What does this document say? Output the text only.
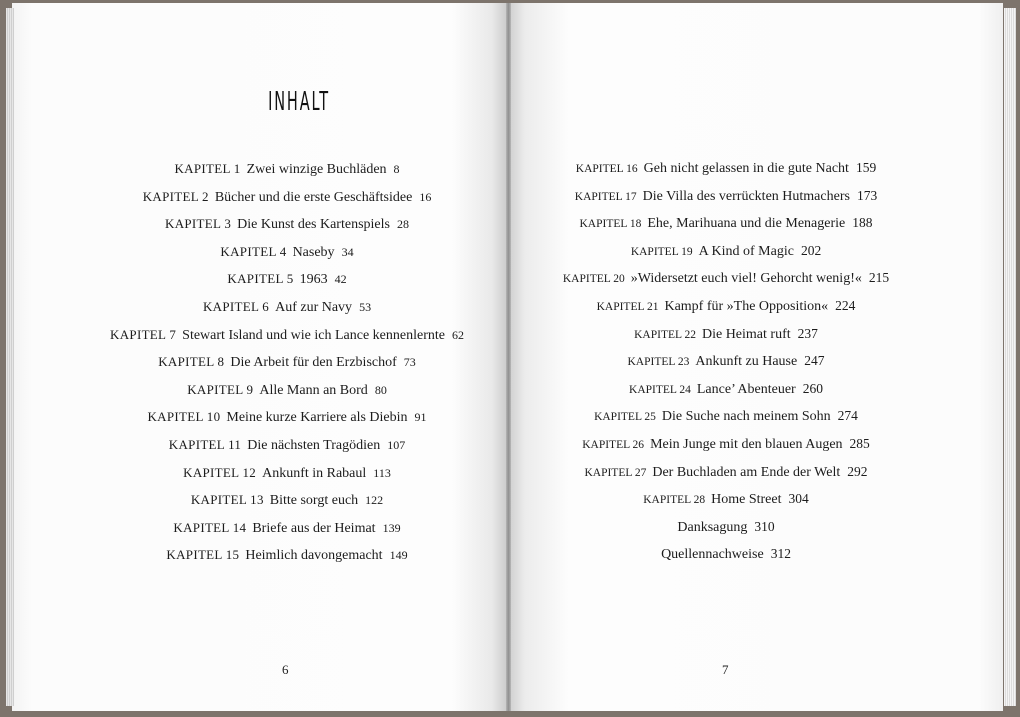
INHALT
KAPITEL 1 Zwei winzige Buchläden 8
KAPITEL 2 Bücher und die erste Geschäftsidee 16
KAPITEL 3 Die Kunst des Kartenspiels 28
KAPITEL 4 Naseby 34
KAPITEL 5 1963 42
KAPITEL 6 Auf zur Navy 53
KAPITEL 7 Stewart Island und wie ich Lance kennenlernte 62
KAPITEL 8 Die Arbeit für den Erzbischof 73
KAPITEL 9 Alle Mann an Bord 80
KAPITEL 10 Meine kurze Karriere als Diebin 91
KAPITEL 11 Die nächsten Tragödien 107
KAPITEL 12 Ankunft in Rabaul 113
KAPITEL 13 Bitte sorgt euch 122
KAPITEL 14 Briefe aus der Heimat 139
KAPITEL 15 Heimlich davongemacht 149
6
KAPITEL 16 Geh nicht gelassen in die gute Nacht 159
KAPITEL 17 Die Villa des verrückten Hutmachers 173
KAPITEL 18 Ehe, Marihuana und die Menagerie 188
KAPITEL 19 A Kind of Magic 202
KAPITEL 20 »Widersetzt euch viel! Gehorcht wenig!« 215
KAPITEL 21 Kampf für »The Opposition« 224
KAPITEL 22 Die Heimat ruft 237
KAPITEL 23 Ankunft zu Hause 247
KAPITEL 24 Lance’ Abenteuer 260
KAPITEL 25 Die Suche nach meinem Sohn 274
KAPITEL 26 Mein Junge mit den blauen Augen 285
KAPITEL 27 Der Buchladen am Ende der Welt 292
KAPITEL 28 Home Street 304
Danksagung 310
Quellennachweise 312
7
